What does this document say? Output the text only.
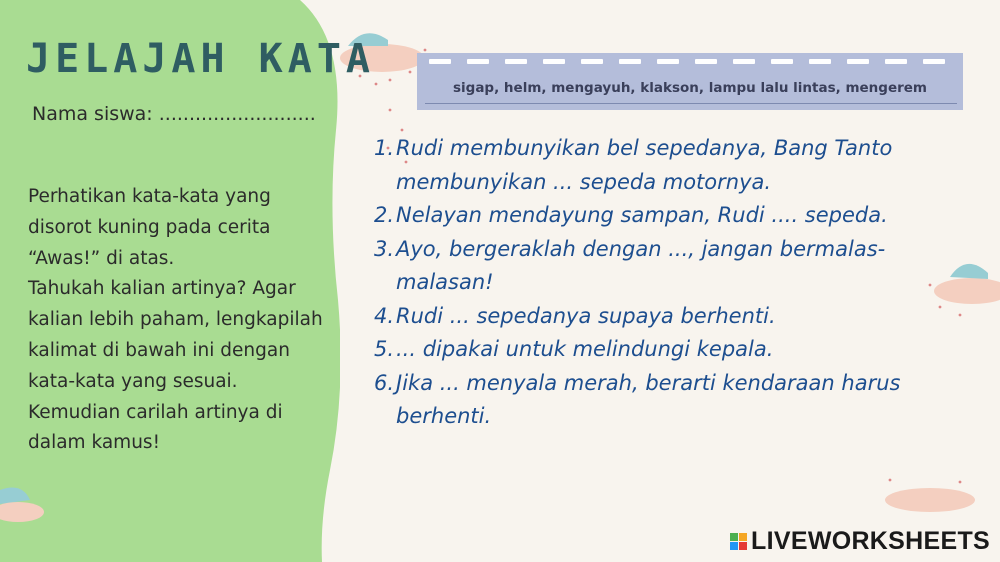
JELAJAH KATA
Nama siswa: ..........................

Perhatikan kata-kata yang disorot kuning pada cerita “Awas!” di atas.

Tahukah kalian artinya? Agar kalian lebih paham, lengkapilah kalimat di bawah ini dengan kata-kata yang sesuai. Kemudian carilah artinya di dalam kamus!

sigap, helm, mengayuh, klakson, lampu lalu lintas, mengerem
1. Rudi membunyikan bel sepedanya, Bang Tanto membunyikan ... sepeda motornya.
2. Nelayan mendayung sampan, Rudi .... sepeda.
3. Ayo, bergeraklah dengan ..., jangan bermalas-malasan!
4. Rudi ... sepedanya supaya berhenti.
5. ... dipakai untuk melindungi kepala.
6. Jika ... menyala merah, berarti kendaraan harus berhenti.
LIVEWORKSHEETS
